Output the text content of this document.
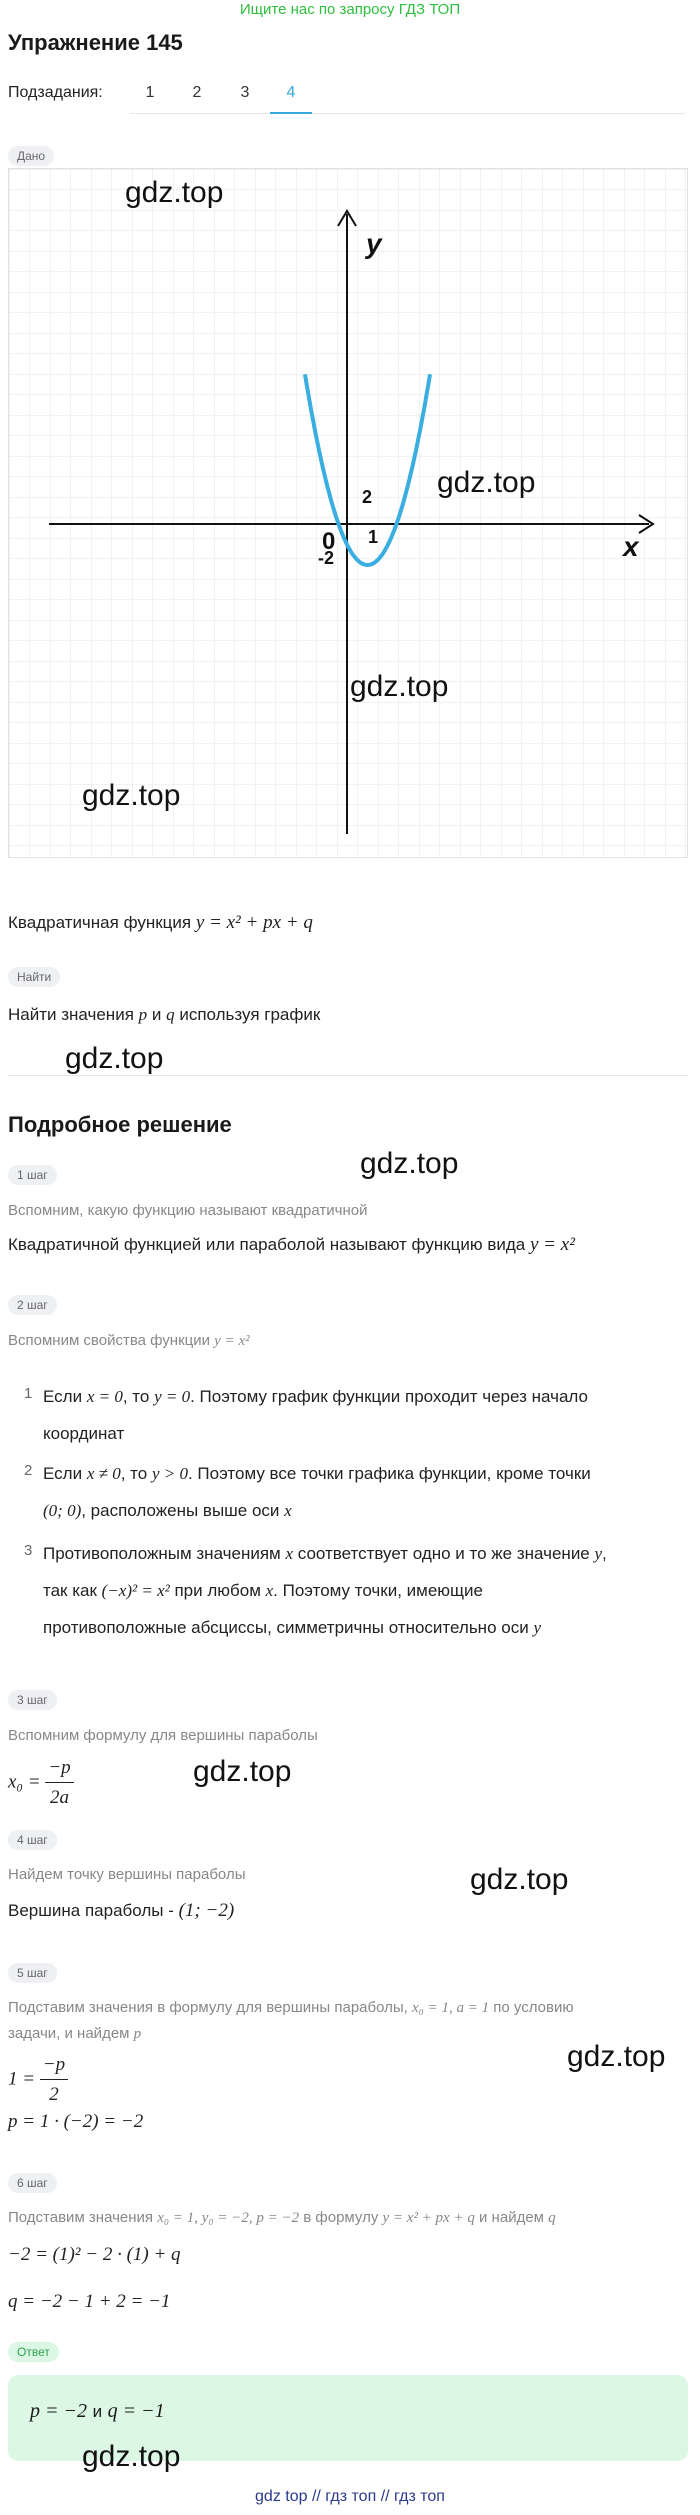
Ищите нас по запросу ГДЗ ТОП
Упражнение 145
Подзадания:	1	2	3	4
Дано
y
x
0 1
2
-2
gdz.top
gdz.top
gdz.top
gdz.top
Квадратичная функция y = x² + px + q
Найти
Найти значения p и q используя график
gdz.top
Подробное решение
gdz.top
1 шаг
Вспомним, какую функцию называют квадратичной
Квадратичной функцией или параболой называют функцию вида y = x²
2 шаг
Вспомним свойства функции y = x²
1 Если x = 0, то y = 0. Поэтому график функции проходит через начало
координат
2 Если x ≠ 0, то y > 0. Поэтому все точки графика функции, кроме точки
(0; 0), расположены выше оси x
3 Противоположным значениям x соответствует одно и то же значение y,
так как (−x)² = x² при любом x. Поэтому точки, имеющие
противоположные абсциссы, симметричны относительно оси y
3 шаг
Вспомним формулу для вершины параболы
$x_0 = \frac{-p}{2a}$	gdz.top
4 шаг
Найдем точку вершины параболы	gdz.top
Вершина параболы - (1; −2)
5 шаг
Подставим значения в формулу для вершины параболы, x₀ = 1, a = 1 по условию
задачи, и найдем p
gdz.top
$1 = \frac{-p}{2}$
p = 1 · (−2) = −2
6 шаг
Подставим значения x₀ = 1, y₀ = −2, p = −2 в формулу y = x² + px + q и найдем q
−2 = (1)² − 2 · (1) + q
q = −2 − 1 + 2 = −1
Ответ
p = −2 и q = −1
gdz.top
gdz top // гдз топ // гдз топ
